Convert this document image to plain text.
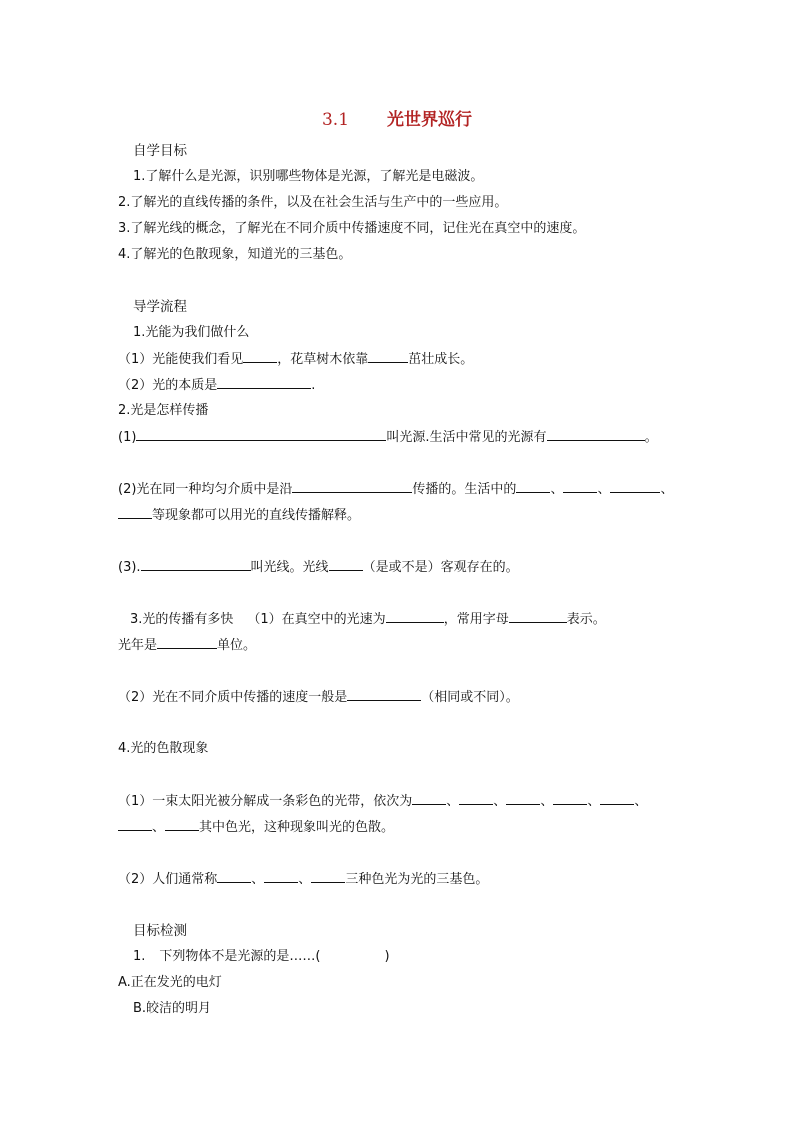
3.1 光世界巡行
自学目标
1.了解什么是光源，识别哪些物体是光源，了解光是电磁波。
2.了解光的直线传播的条件，以及在社会生活与生产中的一些应用。
3.了解光线的概念，了解光在不同介质中传播速度不同，记住光在真空中的速度。
4.了解光的色散现象，知道光的三基色。
导学流程
1.光能为我们做什么
（1）光能使我们看见	，花草树木依靠	茁壮成长。
（2）光的本质是	.
2.光是怎样传播
(1)	叫光源.生活中常见的光源有	。
(2)光在同一种均匀介质中是沿	传播的。生活中的	、	、	、
等现象都可以用光的直线传播解释。
(3).	叫光线。光线	（是或不是）客观存在的。
3.光的传播有多快 （1）在真空中的光速为	，常用字母	表示。
光年是	单位。
（2）光在不同介质中传播的速度一般是	（相同或不同）。
4.光的色散现象
（1）一束太阳光被分解成一条彩色的光带，依次为	、	、	、	、	、
、	其中色光，这种现象叫光的色散。
（2）人们通常称	、	、	三种色光为光的三基色。
目标检测
1. 下列物体不是光源的是……(	)
A.正在发光的电灯
B.皎洁的明月
